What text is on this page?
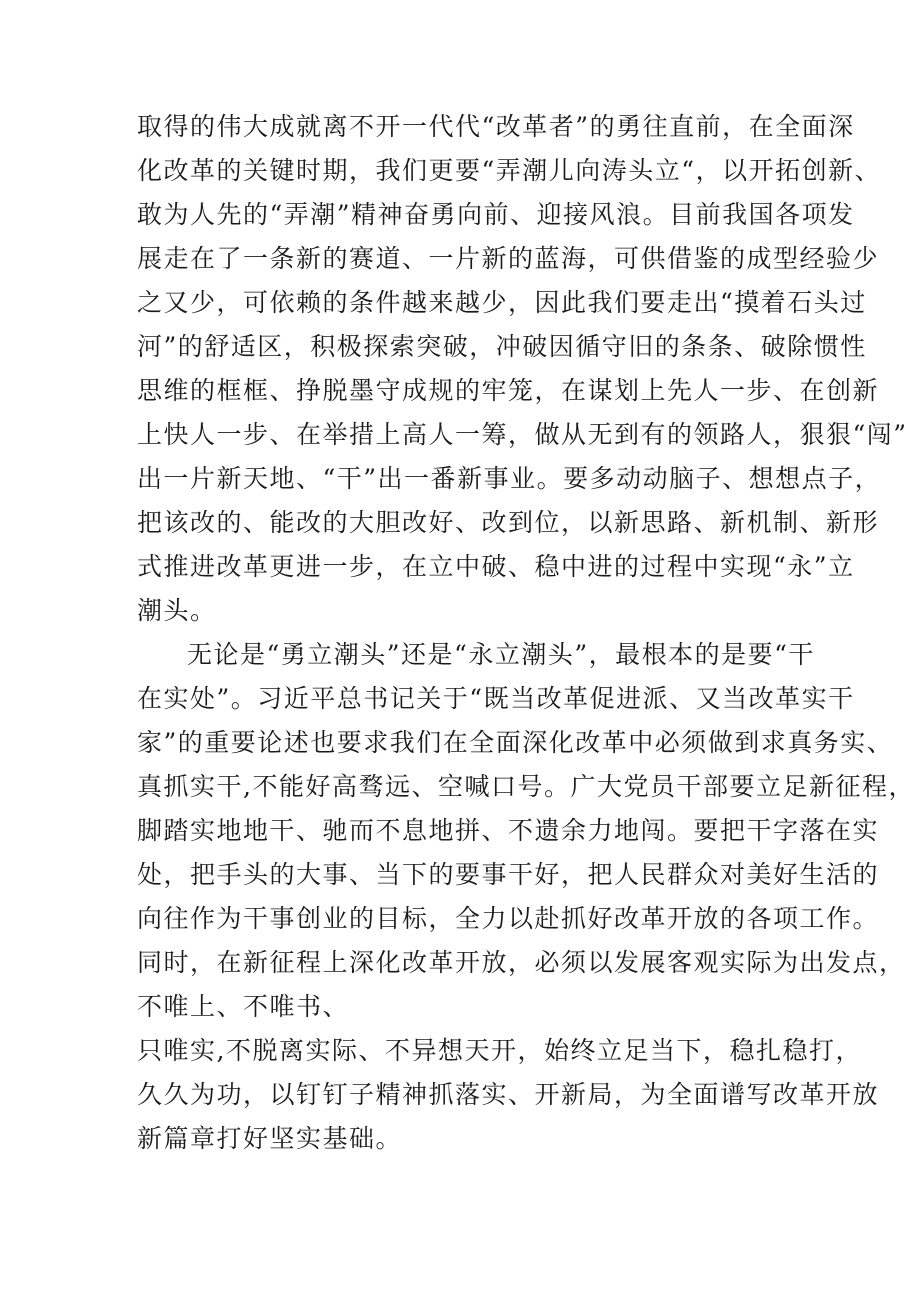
取得的伟大成就离不开一代代“改革者”的勇往直前，在全面深
化改革的关键时期，我们更要“弄潮儿向涛头立“，以开拓创新、
敢为人先的“弄潮”精神奋勇向前、迎接风浪。目前我国各项发
展走在了一条新的赛道、一片新的蓝海，可供借鉴的成型经验少
之又少，可依赖的条件越来越少，因此我们要走出“摸着石头过
河”的舒适区，积极探索突破，冲破因循守旧的条条、破除惯性
思维的框框、挣脱墨守成规的牢笼，在谋划上先人一步、在创新
上快人一步、在举措上高人一筹，做从无到有的领路人，狠狠“闯”
出一片新天地、“干”出一番新事业。要多动动脑子、想想点子，
把该改的、能改的大胆改好、改到位，以新思路、新机制、新形
式推进改革更进一步，在立中破、稳中进的过程中实现“永”立
潮头。
无论是“勇立潮头”还是“永立潮头”，最根本的是要“干
在实处”。习近平总书记关于“既当改革促进派、又当改革实干
家”的重要论述也要求我们在全面深化改革中必须做到求真务实、
真抓实干,不能好高骛远、空喊口号。广大党员干部要立足新征程，
脚踏实地地干、驰而不息地拼、不遗余力地闯。要把干字落在实
处，把手头的大事、当下的要事干好，把人民群众对美好生活的
向往作为干事创业的目标，全力以赴抓好改革开放的各项工作。
同时，在新征程上深化改革开放，必须以发展客观实际为出发点，
不唯上、不唯书、
只唯实,不脱离实际、不异想天开，始终立足当下，稳扎稳打，
久久为功，以钉钉子精神抓落实、开新局，为全面谱写改革开放
新篇章打好坚实基础。
